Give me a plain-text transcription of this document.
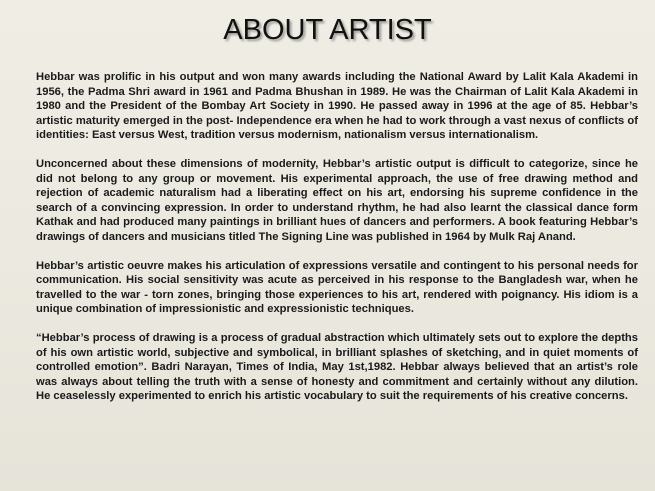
ABOUT ARTIST

Hebbar was prolific in his output and won many awards including the National Award by Lalit Kala Akademi in 1956, the Padma Shri award in 1961 and Padma Bhushan in 1989. He was the Chairman of Lalit Kala Akademi in 1980 and the President of the Bombay Art Society in 1990. He passed away in 1996 at the age of 85. Hebbar’s artistic maturity emerged in the post- Independence era when he had to work through a vast nexus of conflicts of identities: East versus West, tradition versus modernism, nationalism versus internationalism.

Unconcerned about these dimensions of modernity, Hebbar’s artistic output is difficult to categorize, since he did not belong to any group or movement. His experimental approach, the use of free drawing method and rejection of academic naturalism had a liberating effect on his art, endorsing his supreme confidence in the search of a convincing expression. In order to understand rhythm, he had also learnt the classical dance form Kathak and had produced many paintings in brilliant hues of dancers and performers. A book featuring Hebbar’s drawings of dancers and musicians titled The Signing Line was published in 1964 by Mulk Raj Anand.

Hebbar’s artistic oeuvre makes his articulation of expressions versatile and contingent to his personal needs for communication. His social sensitivity was acute as perceived in his response to the Bangladesh war, when he travelled to the war - torn zones, bringing those experiences to his art, rendered with poignancy. His idiom is a unique combination of impressionistic and expressionistic techniques.

“Hebbar’s process of drawing is a process of gradual abstraction which ultimately sets out to explore the depths of his own artistic world, subjective and symbolical, in brilliant splashes of sketching, and in quiet moments of controlled emotion”. Badri Narayan, Times of India, May 1st,1982. Hebbar always believed that an artist’s role was always about telling the truth with a sense of honesty and commitment and certainly without any dilution. He ceaselessly experimented to enrich his artistic vocabulary to suit the requirements of his creative concerns.
